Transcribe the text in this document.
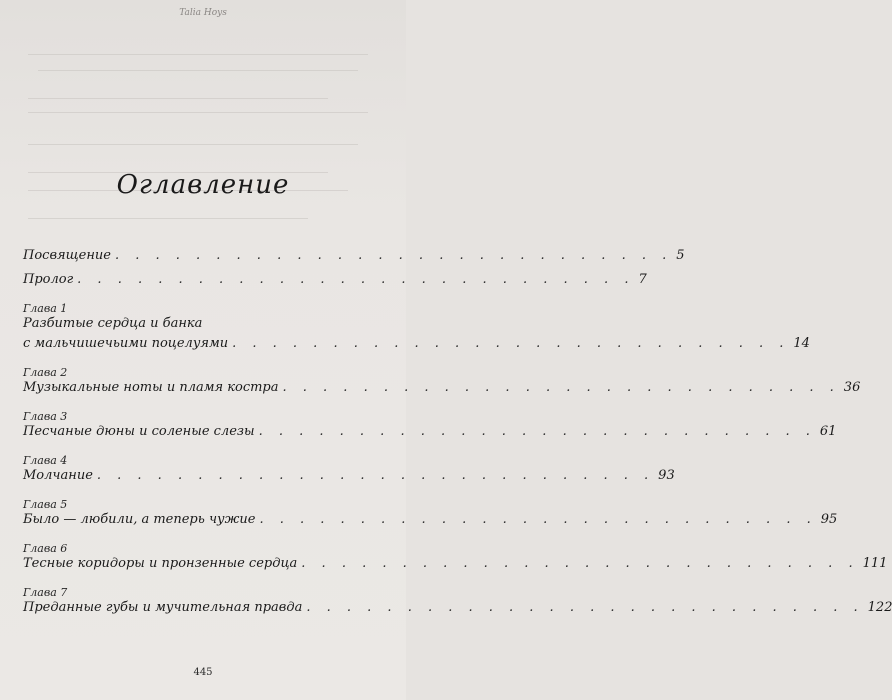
Talia Hoys
Оглавление
Посвящение . . . . . . . . . . . . . . . . . . . . . . . . . . . . 5
Пролог . . . . . . . . . . . . . . . . . . . . . . . . . . . . 7
Глава 1
Разбитые сердца и банка
с мальчишечьими поцелуями . . . . . . . . . . . . . . . . . . . . . . . . . . . . 14
Глава 2
Музыкальные ноты и пламя костра . . . . . . . . . . . . . . . . . . . . . . . . . . . . 36
Глава 3
Песчаные дюны и соленые слезы . . . . . . . . . . . . . . . . . . . . . . . . . . . . 61
Глава 4
Молчание . . . . . . . . . . . . . . . . . . . . . . . . . . . . 93
Глава 5
Было — любили, а теперь чужие . . . . . . . . . . . . . . . . . . . . . . . . . . . . 95
Глава 6
Тесные коридоры и пронзенные сердца . . . . . . . . . . . . . . . . . . . . . . . . . . . . 111
Глава 7
Преданные губы и мучительная правда . . . . . . . . . . . . . . . . . . . . . . . . . . . . 122
445
